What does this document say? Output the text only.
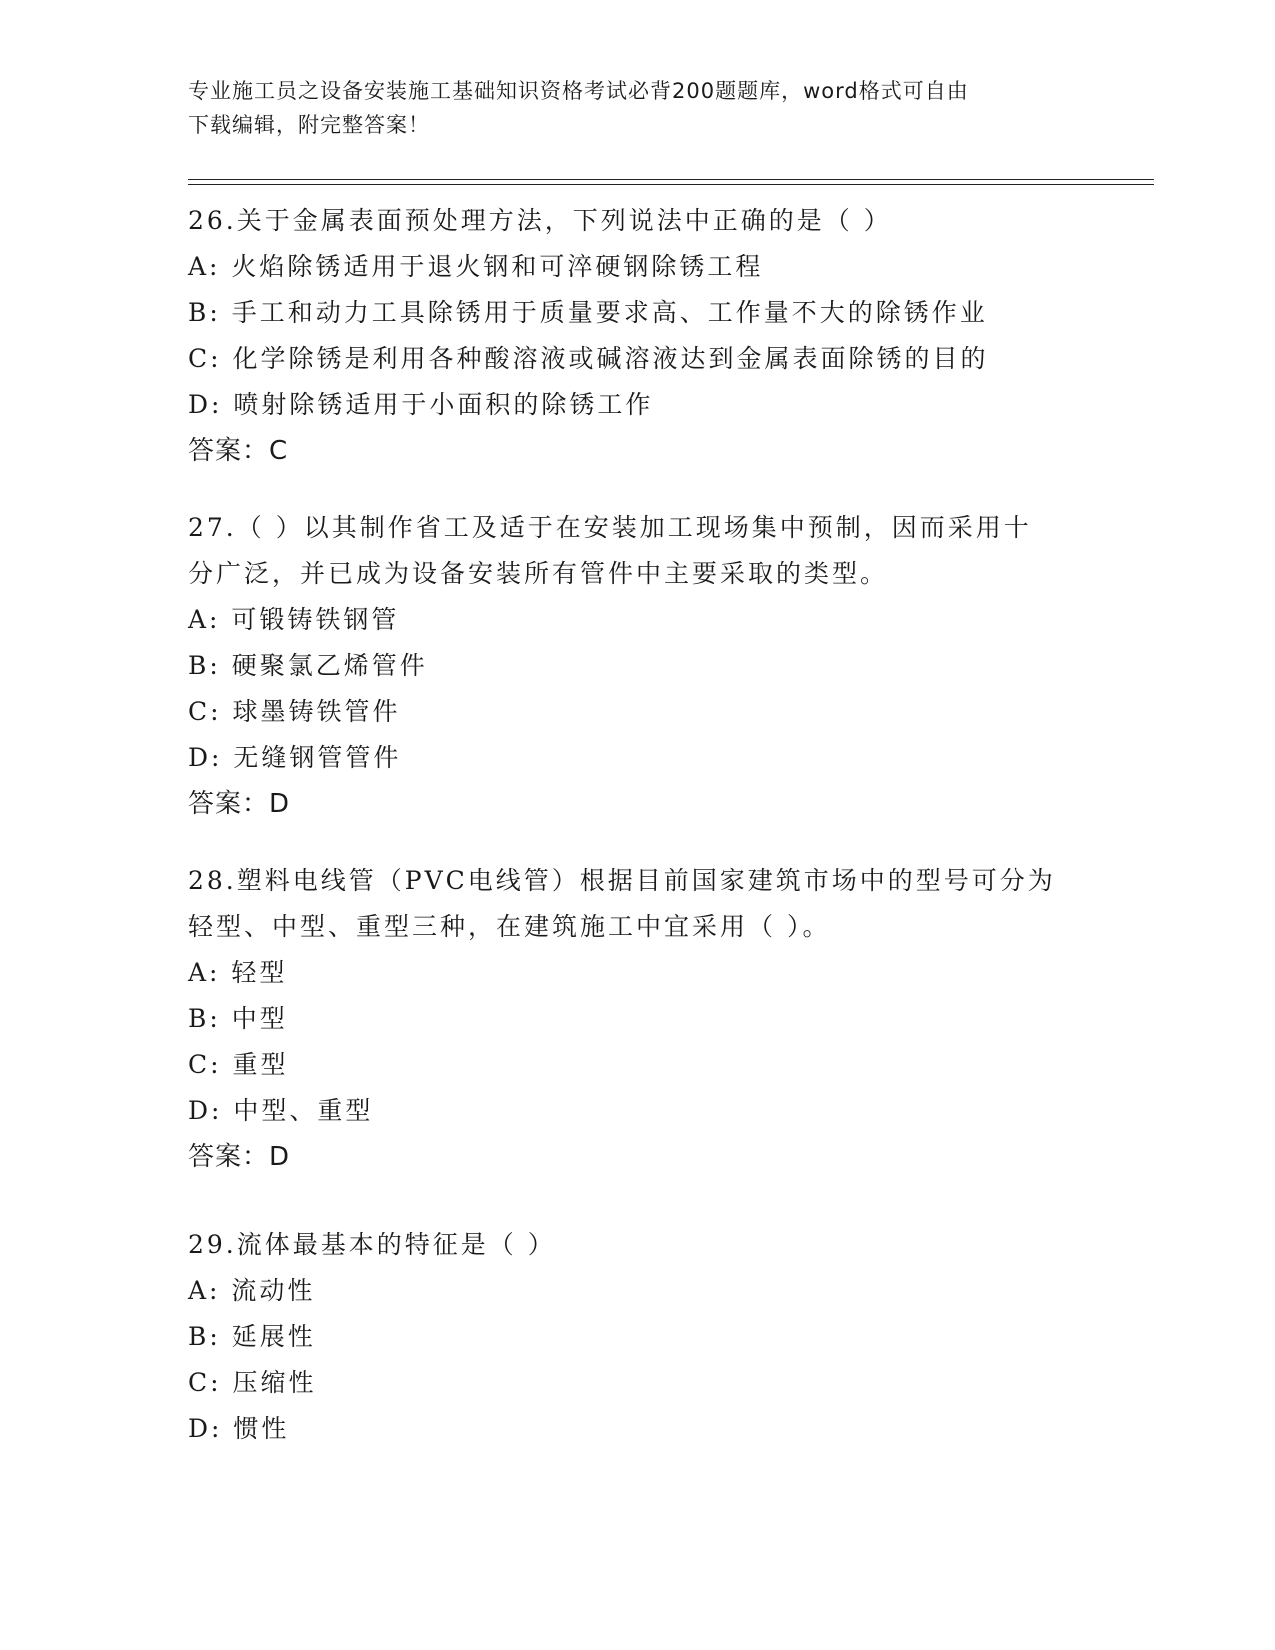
专业施工员之设备安装施工基础知识资格考试必背200题题库，word格式可自由
下载编辑，附完整答案！
26.关于金属表面预处理方法，下列说法中正确的是（ ）
A: 火焰除锈适用于退火钢和可淬硬钢除锈工程
B: 手工和动力工具除锈用于质量要求高、工作量不大的除锈作业
C: 化学除锈是利用各种酸溶液或碱溶液达到金属表面除锈的目的
D: 喷射除锈适用于小面积的除锈工作
答案：C
27.（ ）以其制作省工及适于在安装加工现场集中预制，因而采用十
分广泛，并已成为设备安装所有管件中主要采取的类型。
A: 可锻铸铁钢管
B: 硬聚氯乙烯管件
C: 球墨铸铁管件
D: 无缝钢管管件
答案：D
28.塑料电线管（PVC电线管）根据目前国家建筑市场中的型号可分为
轻型、中型、重型三种，在建筑施工中宜采用（ ）。
A: 轻型
B: 中型
C: 重型
D: 中型、重型
答案：D
29.流体最基本的特征是（ ）
A: 流动性
B: 延展性
C: 压缩性
D: 惯性
